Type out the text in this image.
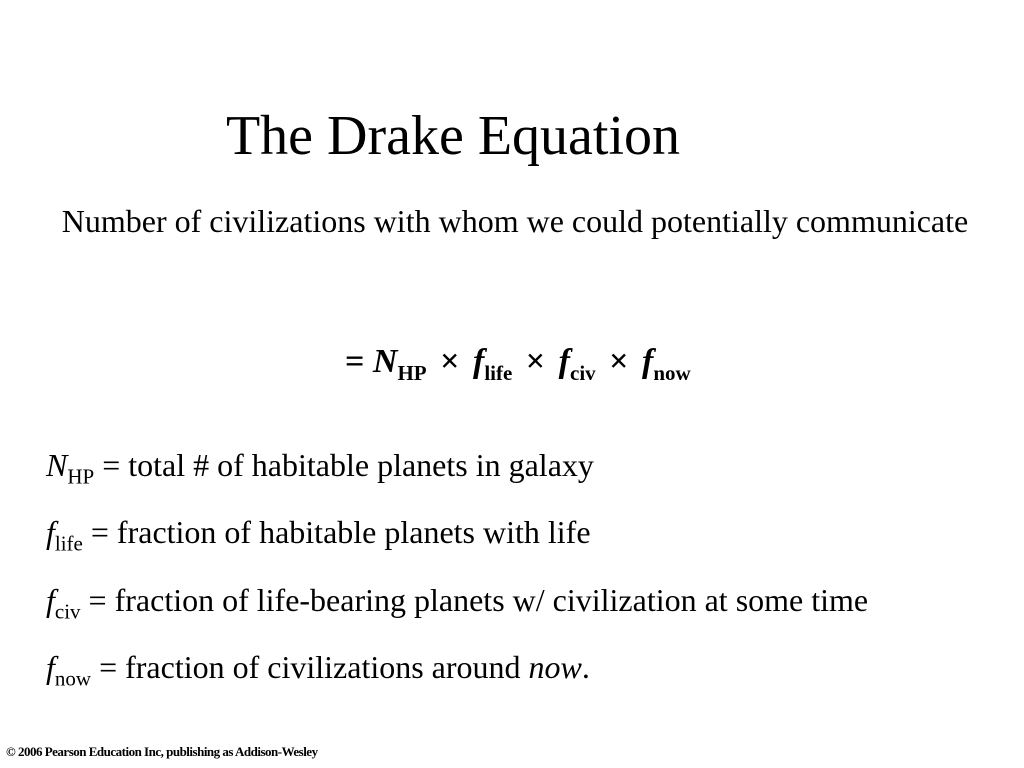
The Drake Equation
Number of civilizations with whom we could potentially communicate
= $N_{HP} \times f_{life} \times f_{civ} \times f_{now}$
$N_{HP}$ = total # of habitable planets in galaxy
$f_{life}$ = fraction of habitable planets with life
$f_{civ}$ = fraction of life-bearing planets w/ civilization at some time
$f_{now}$ = fraction of civilizations around now.
© 2006 Pearson Education Inc, publishing as Addison-Wesley
